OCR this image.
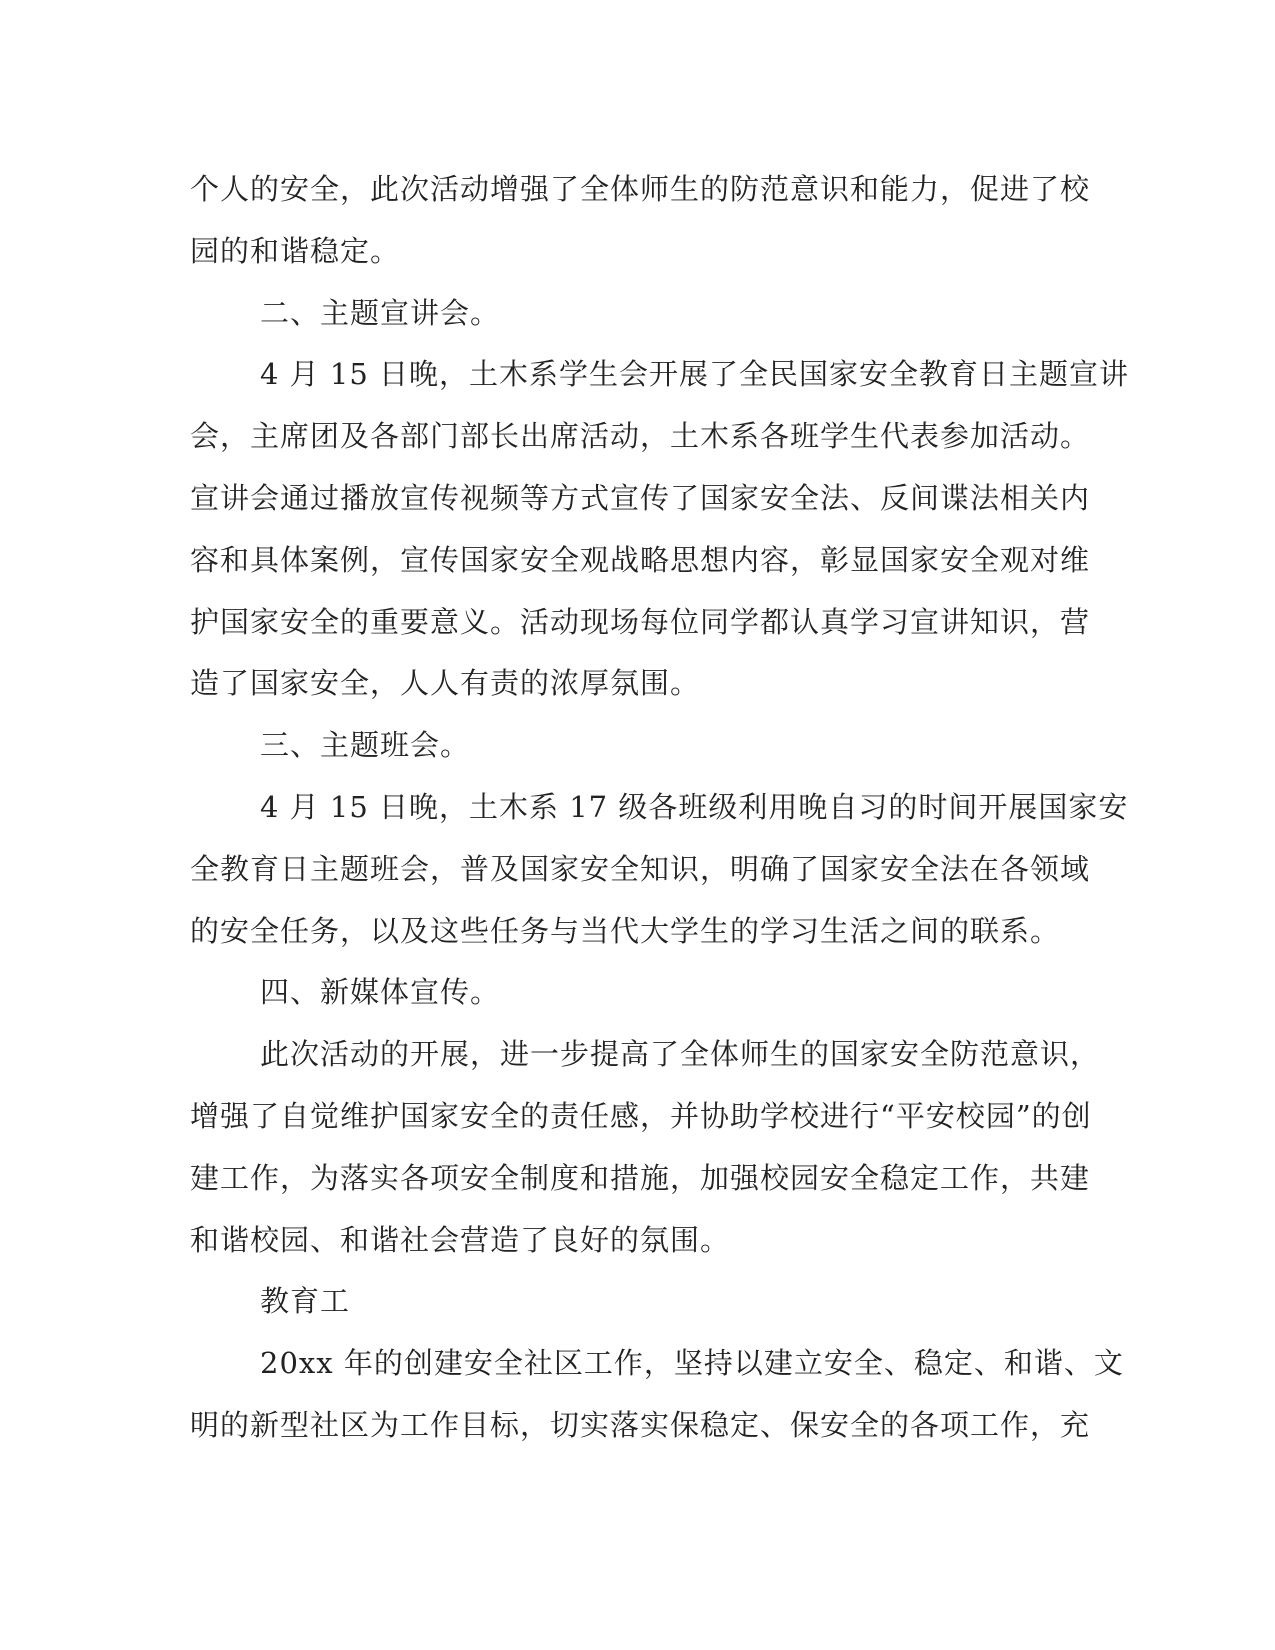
个人的安全，此次活动增强了全体师生的防范意识和能力，促进了校

园的和谐稳定。

二、主题宣讲会。

4 月 15 日晚，土木系学生会开展了全民国家安全教育日主题宣讲

会，主席团及各部门部长出席活动，土木系各班学生代表参加活动。

宣讲会通过播放宣传视频等方式宣传了国家安全法、反间谍法相关内

容和具体案例，宣传国家安全观战略思想内容，彰显国家安全观对维

护国家安全的重要意义。活动现场每位同学都认真学习宣讲知识，营

造了国家安全，人人有责的浓厚氛围。

三、主题班会。

4 月 15 日晚，土木系 17 级各班级利用晚自习的时间开展国家安

全教育日主题班会，普及国家安全知识，明确了国家安全法在各领域

的安全任务，以及这些任务与当代大学生的学习生活之间的联系。

四、新媒体宣传。

此次活动的开展，进一步提高了全体师生的国家安全防范意识，

增强了自觉维护国家安全的责任感，并协助学校进行“平安校园”的创

建工作，为落实各项安全制度和措施，加强校园安全稳定工作，共建

和谐校园、和谐社会营造了良好的氛围。

教育工

20xx 年的创建安全社区工作，坚持以建立安全、稳定、和谐、文

明的新型社区为工作目标，切实落实保稳定、保安全的各项工作，充
